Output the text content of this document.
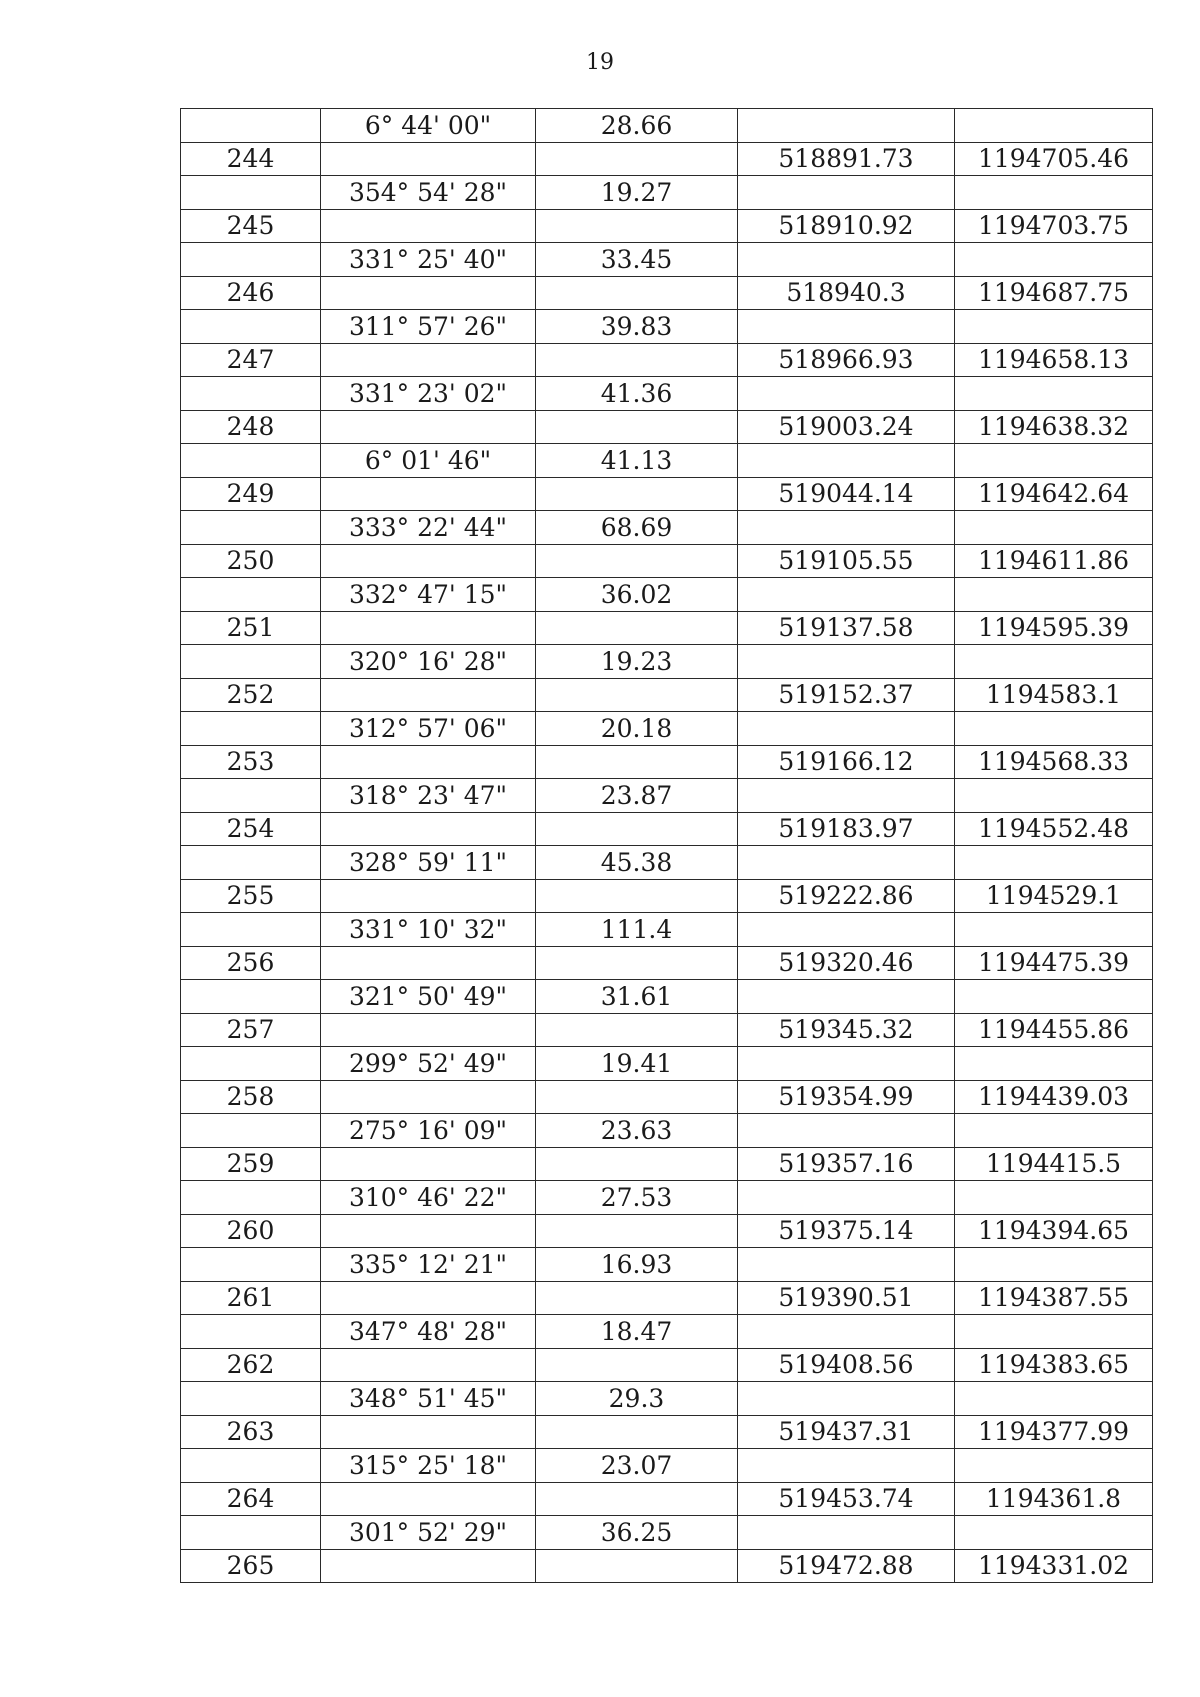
19
	6° 44' 00"	28.66		
244			518891.73	1194705.46
	354° 54' 28"	19.27		
245			518910.92	1194703.75
	331° 25' 40"	33.45		
246			518940.3	1194687.75
	311° 57' 26"	39.83		
247			518966.93	1194658.13
	331° 23' 02"	41.36		
248			519003.24	1194638.32
	6° 01' 46"	41.13		
249			519044.14	1194642.64
	333° 22' 44"	68.69		
250			519105.55	1194611.86
	332° 47' 15"	36.02		
251			519137.58	1194595.39
	320° 16' 28"	19.23		
252			519152.37	1194583.1
	312° 57' 06"	20.18		
253			519166.12	1194568.33
	318° 23' 47"	23.87		
254			519183.97	1194552.48
	328° 59' 11"	45.38		
255			519222.86	1194529.1
	331° 10' 32"	111.4		
256			519320.46	1194475.39
	321° 50' 49"	31.61		
257			519345.32	1194455.86
	299° 52' 49"	19.41		
258			519354.99	1194439.03
	275° 16' 09"	23.63		
259			519357.16	1194415.5
	310° 46' 22"	27.53		
260			519375.14	1194394.65
	335° 12' 21"	16.93		
261			519390.51	1194387.55
	347° 48' 28"	18.47		
262			519408.56	1194383.65
	348° 51' 45"	29.3		
263			519437.31	1194377.99
	315° 25' 18"	23.07		
264			519453.74	1194361.8
	301° 52' 29"	36.25		
265			519472.88	1194331.02
